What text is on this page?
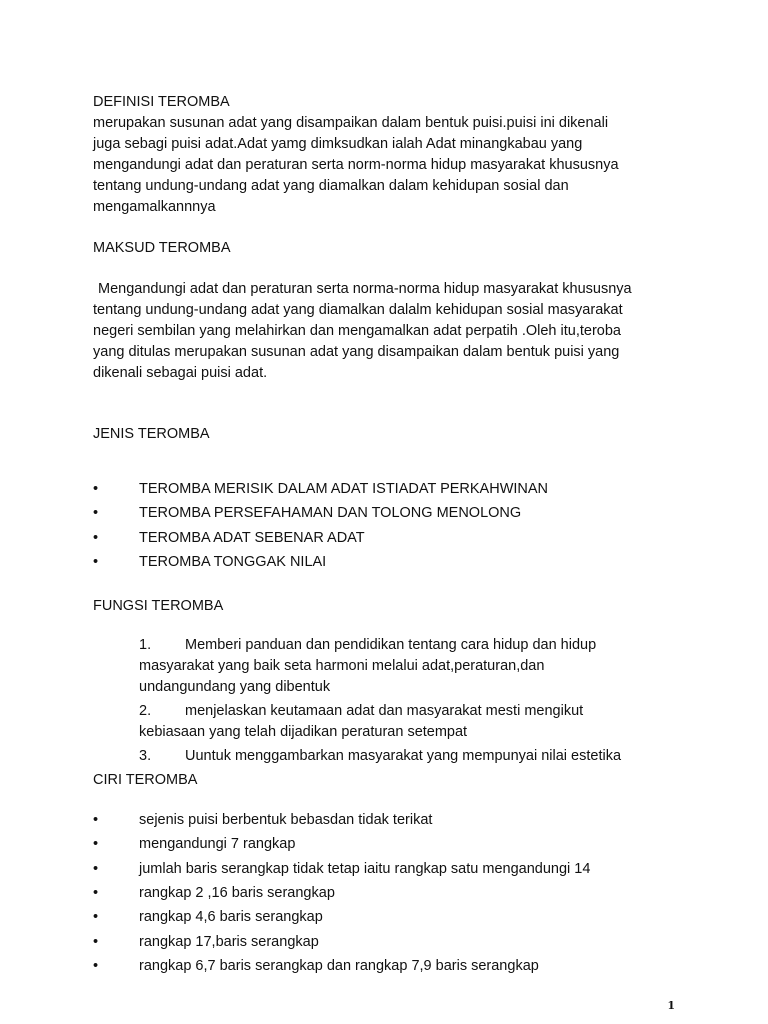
DEFINISI TEROMBA
merupakan susunan adat yang disampaikan dalam bentuk puisi.puisi ini dikenali
juga sebagi puisi adat.Adat yamg dimksudkan ialah Adat minangkabau yang
mengandungi adat dan peraturan serta norm-norma hidup masyarakat khususnya
tentang undung-undang adat yang diamalkan dalam kehidupan sosial dan
mengamalkannnya
MAKSUD TEROMBA
Mengandungi adat dan peraturan serta norma-norma hidup masyarakat khususnya
tentang undung-undang adat yang diamalkan dalalm kehidupan sosial masyarakat
negeri sembilan yang melahirkan dan mengamalkan adat perpatih .Oleh itu,teroba
yang ditulas merupakan susunan adat yang disampaikan dalam bentuk puisi yang
dikenali sebagai puisi adat.
JENIS TEROMBA
•	TEROMBA MERISIK DALAM ADAT ISTIADAT PERKAHWINAN
•	TEROMBA PERSEFAHAMAN DAN TOLONG MENOLONG
•	TEROMBA ADAT SEBENAR ADAT
•	TEROMBA TONGGAK NILAI
FUNGSI TEROMBA
1. Memberi panduan dan pendidikan tentang cara hidup dan hidup
masyarakat yang baik seta harmoni melalui adat,peraturan,dan
undangundang yang dibentuk
2. menjelaskan keutamaan adat dan masyarakat mesti mengikut
kebiasaan yang telah dijadikan peraturan setempat
3. Uuntuk menggambarkan masyarakat yang mempunyai nilai estetika
CIRI TEROMBA
•	sejenis puisi berbentuk bebasdan tidak terikat
•	mengandungi 7 rangkap
•	jumlah baris serangkap tidak tetap iaitu rangkap satu mengandungi 14
•	rangkap 2 ,16 baris serangkap
•	rangkap 4,6 baris serangkap
•	rangkap 17,baris serangkap
•	rangkap 6,7 baris serangkap dan rangkap 7,9 baris serangkap
1
